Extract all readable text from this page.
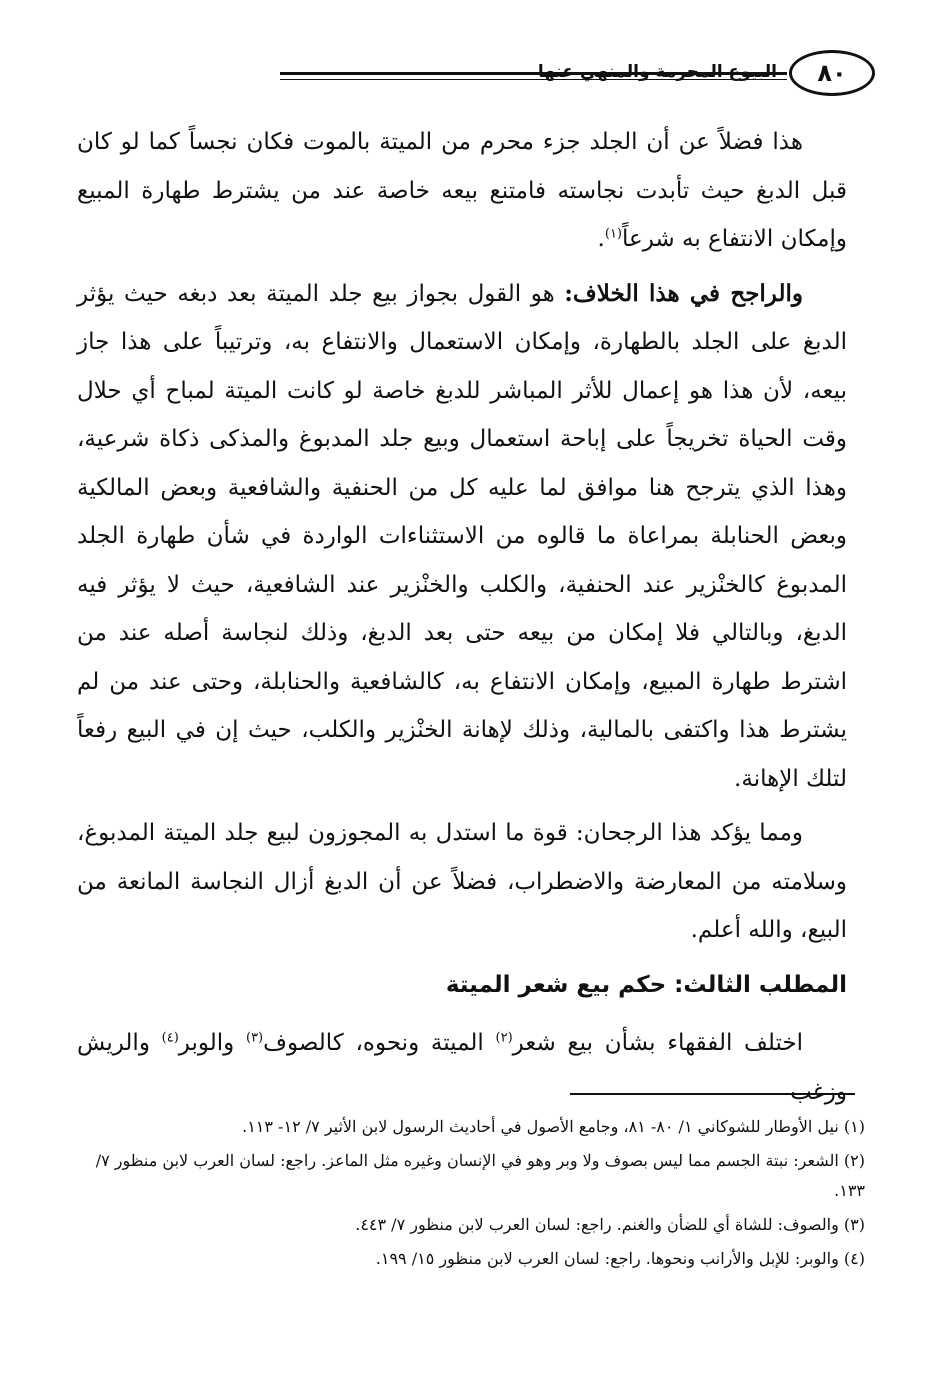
٨٠
البيوع المحرمة والمنهي عنها

هذا فضلاً عن أن الجلد جزء محرم من الميتة بالموت فكان نجساً كما لو كان قبل الدبغ حيث تأبدت نجاسته فامتنع بيعه خاصة عند من يشترط طهارة المبيع وإمكان الانتفاع به شرعاً$^{(١)}$.

والراجح في هذا الخلاف: هو القول بجواز بيع جلد الميتة بعد دبغه حيث يؤثر الدبغ على الجلد بالطهارة، وإمكان الاستعمال والانتفاع به، وترتيباً على هذا جاز بيعه، لأن هذا هو إعمال للأثر المباشر للدبغ خاصة لو كانت الميتة لمباح أي حلال وقت الحياة تخريجاً على إباحة استعمال وبيع جلد المدبوغ والمذكى ذكاة شرعية، وهذا الذي يترجح هنا موافق لما عليه كل من الحنفية والشافعية وبعض المالكية وبعض الحنابلة بمراعاة ما قالوه من الاستثناءات الواردة في شأن طهارة الجلد المدبوغ كالخنْزير عند الحنفية، والكلب والخنْزير عند الشافعية، حيث لا يؤثر فيه الدبغ، وبالتالي فلا إمكان من بيعه حتى بعد الدبغ، وذلك لنجاسة أصله عند من اشترط طهارة المبيع، وإمكان الانتفاع به، كالشافعية والحنابلة، وحتى عند من لم يشترط هذا واكتفى بالمالية، وذلك لإهانة الخنْزير والكلب، حيث إن في البيع رفعاً لتلك الإهانة.

ومما يؤكد هذا الرجحان: قوة ما استدل به المجوزون لبيع جلد الميتة المدبوغ، وسلامته من المعارضة والاضطراب، فضلاً عن أن الدبغ أزال النجاسة المانعة من البيع، والله أعلم.

المطلب الثالث: حكم بيع شعر الميتة

اختلف الفقهاء بشأن بيع شعر$^{(٢)}$ الميتة ونحوه، كالصوف$^{(٣)}$ والوبر$^{(٤)}$ والريش وزغب

(١) نيل الأوطار للشوكاني ١/ ٨٠- ٨١، وجامع الأصول في أحاديث الرسول لابن الأثير ٧/ ١٢- ١١٣.

(٢) الشعر: نبتة الجسم مما ليس بصوف ولا وبر وهو في الإنسان وغيره مثل الماعز. راجع: لسان العرب لابن منظور ٧/ ١٣٣.

(٣) والصوف: للشاة أي للضأن والغنم. راجع: لسان العرب لابن منظور ٧/ ٤٤٣.

(٤) والوبر: للإبل والأرانب ونحوها. راجع: لسان العرب لابن منظور ١٥/ ١٩٩.
